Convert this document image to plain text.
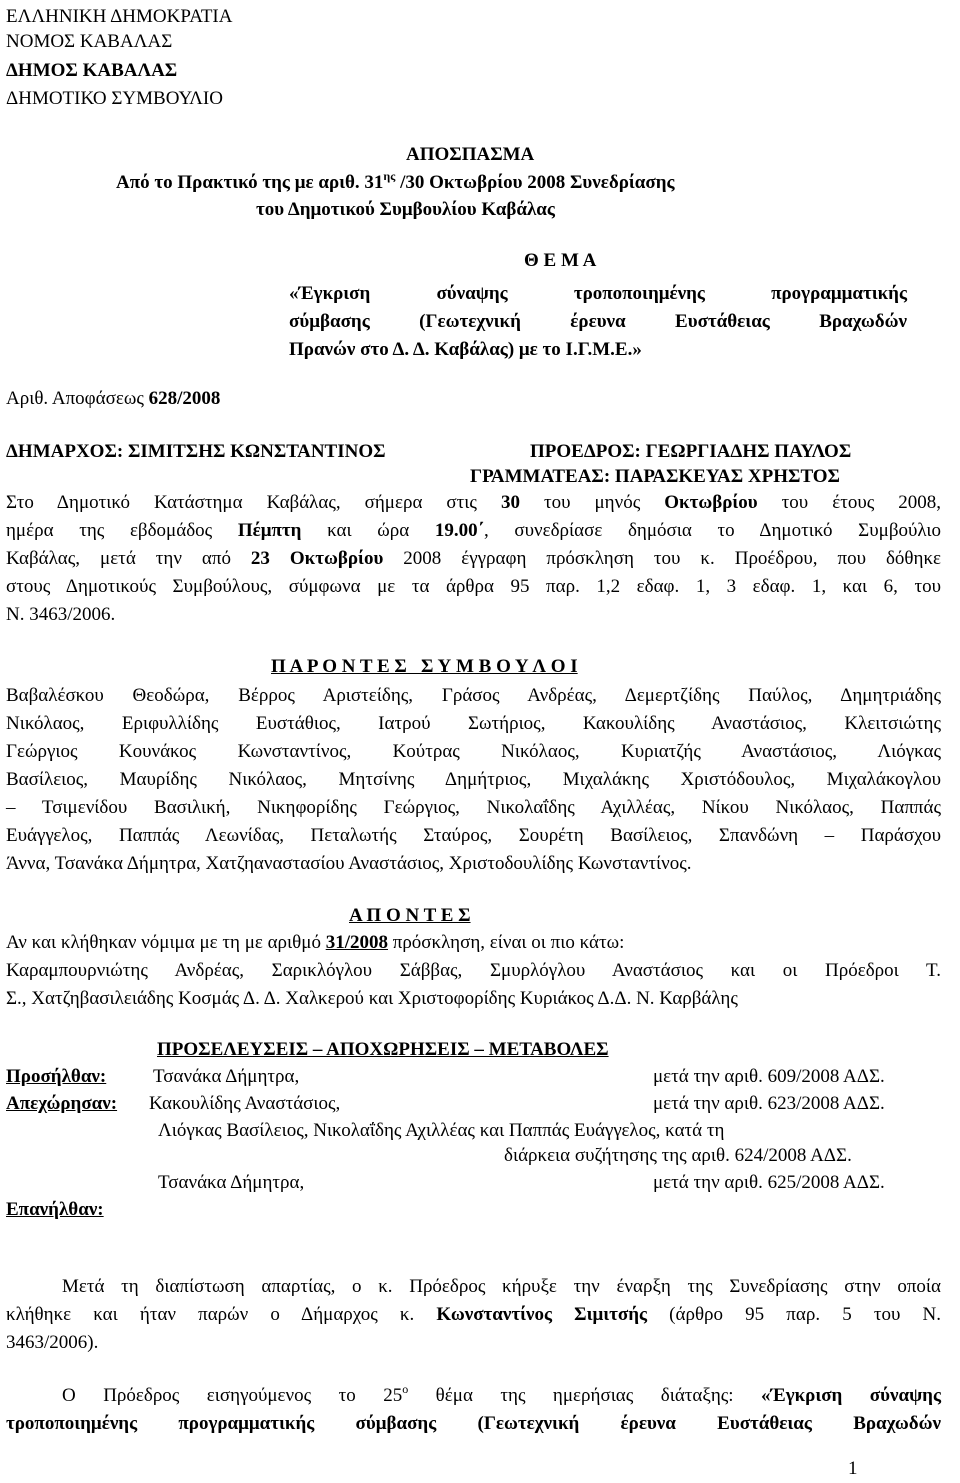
ΕΛΛΗΝΙΚΗ ΔΗΜΟΚΡΑΤΙΑ
ΝΟΜΟΣ ΚΑΒΑΛΑΣ
ΔΗΜΟΣ ΚΑΒΑΛΑΣ
ΔΗΜΟΤΙΚΟ ΣΥΜΒΟΥΛΙΟ
ΑΠΟΣΠΑΣΜΑ
Από το Πρακτικό της με αριθ. $31^{\eta\varsigma}$ /30 Οκτωβρίου 2008 Συνεδρίασης
του Δημοτικού Συμβουλίου Καβάλας
Θ Ε Μ Α
«Έγκριση σύναψης τροποποιημένης προγραμματικής
σύμβασης (Γεωτεχνική έρευνα Ευστάθειας Βραχωδών
Πρανών στο Δ. Δ. Καβάλας) με το Ι.Γ.Μ.Ε.»
Αριθ. Αποφάσεως 628/2008
ΔΗΜΑΡΧΟΣ: ΣΙΜΙΤΣΗΣ ΚΩΝΣΤΑΝΤΙΝΟΣ	ΠΡΟΕΔΡΟΣ: ΓΕΩΡΓΙΑΔΗΣ ΠΑΥΛΟΣ
ΓΡΑΜΜΑΤΕΑΣ: ΠΑΡΑΣΚΕΥΑΣ ΧΡΗΣΤΟΣ
Στο Δημοτικό Κατάστημα Καβάλας, σήμερα στις 30 του μηνός Οκτωβρίου του έτους 2008,
ημέρα της εβδομάδος Πέμπτη και ώρα 19.00΄, συνεδρίασε δημόσια το Δημοτικό Συμβούλιο
Καβάλας, μετά την από 23 Οκτωβρίου 2008 έγγραφη πρόσκληση του κ. Προέδρου, που δόθηκε
στους Δημοτικούς Συμβούλους, σύμφωνα με τα άρθρα 95 παρ. 1,2 εδαφ. 1, 3 εδαφ. 1, και 6, του
Ν. 3463/2006.
Π Α Ρ Ο Ν Τ Ε Σ   Σ Υ Μ Β Ο Υ Λ Ο Ι
Βαβαλέσκου Θεοδώρα, Βέρρος Αριστείδης, Γράσος Ανδρέας, Δεμερτζίδης Παύλος, Δημητριάδης
Νικόλαος, Εριφυλλίδης Ευστάθιος, Ιατρού Σωτήριος, Κακουλίδης Αναστάσιος, Κλειτσιώτης
Γεώργιος Κουνάκος Κωνσταντίνος, Κούτρας Νικόλαος, Κυριατζής Αναστάσιος, Λιόγκας
Βασίλειος, Μαυρίδης Νικόλαος, Μητσίνης Δημήτριος, Μιχαλάκης Χριστόδουλος, Μιχαλάκογλου
– Τσιμενίδου Βασιλική, Νικηφορίδης Γεώργιος, Νικολαΐδης Αχιλλέας, Νίκου Νικόλαος, Παππάς
Ευάγγελος, Παππάς Λεωνίδας, Πεταλωτής Σταύρος, Σουρέτη Βασίλειος, Σπανδώνη – Παράσχου
Άννα, Τσανάκα Δήμητρα, Χατζηαναστασίου Αναστάσιος, Χριστοδουλίδης Κωνσταντίνος.
Α Π Ο Ν Τ Ε Σ
Αν και κλήθηκαν νόμιμα με τη με αριθμό 31/2008 πρόσκληση, είναι οι πιο κάτω:
Καραμπουρνιώτης Ανδρέας, Σαρικλόγλου Σάββας, Σμυρλόγλου Αναστάσιος και οι Πρόεδροι Τ.
Σ., Χατζηβασιλειάδης Κοσμάς Δ. Δ. Χαλκερού και Χριστοφορίδης Κυριάκος Δ.Δ. Ν. Καρβάλης
ΠΡΟΣΕΛΕΥΣΕΙΣ – ΑΠΟΧΩΡΗΣΕΙΣ – ΜΕΤΑΒΟΛΕΣ
Προσήλθαν: Τσανάκα Δήμητρα,	μετά την αριθ. 609/2008 ΑΔΣ.
Απεχώρησαν: Κακουλίδης Αναστάσιος,	μετά την αριθ. 623/2008 ΑΔΣ.
Λιόγκας Βασίλειος, Νικολαΐδης Αχιλλέας και Παππάς Ευάγγελος, κατά τη
διάρκεια συζήτησης της αριθ. 624/2008 ΑΔΣ.
Τσανάκα Δήμητρα,	μετά την αριθ. 625/2008 ΑΔΣ.
Επανήλθαν:
Μετά τη διαπίστωση απαρτίας, ο κ. Πρόεδρος κήρυξε την έναρξη της Συνεδρίασης στην οποία
κλήθηκε και ήταν παρών ο Δήμαρχος κ. Κωνσταντίνος Σιμιτσής (άρθρο 95 παρ. 5 του Ν.
3463/2006).
Ο Πρόεδρος εισηγούμενος το $25^o$ θέμα της ημερήσιας διάταξης: «Έγκριση σύναψης
τροποποιημένης προγραμματικής σύμβασης (Γεωτεχνική έρευνα Ευστάθειας Βραχωδών
1
